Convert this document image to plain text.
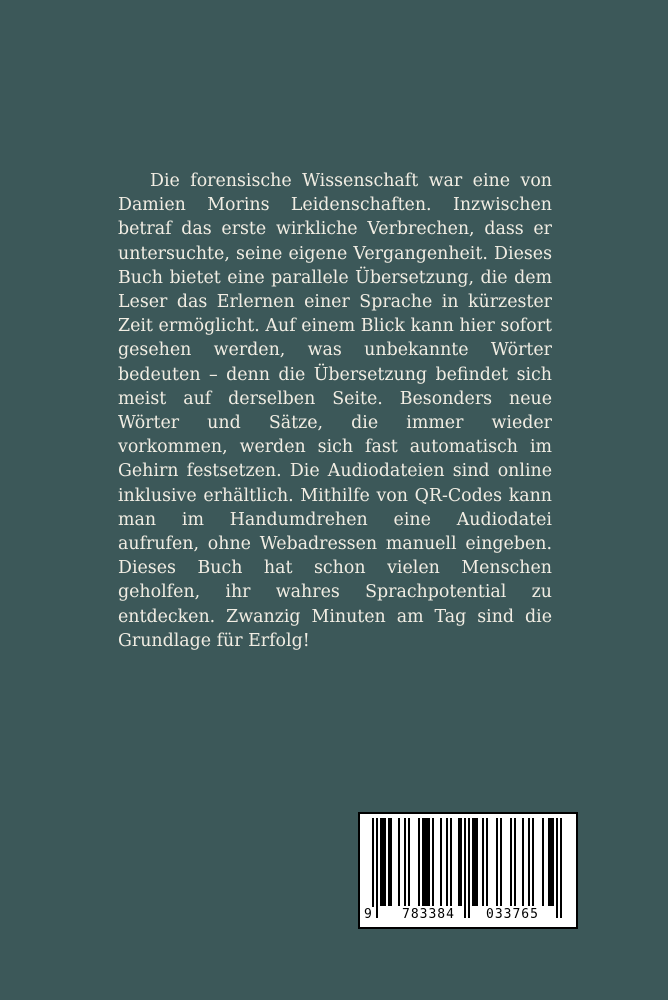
Die forensische Wissenschaft war eine von Damien Morins Leidenschaften. Inzwischen betraf das erste wirkliche Verbrechen, dass er untersuchte, seine eigene Vergangenheit. Dieses Buch bietet eine parallele Übersetzung, die dem Leser das Erlernen einer Sprache in kürzester Zeit ermöglicht. Auf einem Blick kann hier sofort gesehen werden, was unbekannte Wörter bedeuten – denn die Übersetzung befindet sich meist auf derselben Seite. Besonders neue Wörter und Sätze, die immer wieder vorkommen, werden sich fast automatisch im Gehirn festsetzen. Die Audiodateien sind online inklusive erhältlich. Mithilfe von QR-Codes kann man im Handumdrehen eine Audiodatei aufrufen, ohne Webadressen manuell eingeben. Dieses Buch hat schon vielen Menschen geholfen, ihr wahres Sprachpotential zu entdecken. Zwanzig Minuten am Tag sind die Grundlage für Erfolg!

9 783384 033765
